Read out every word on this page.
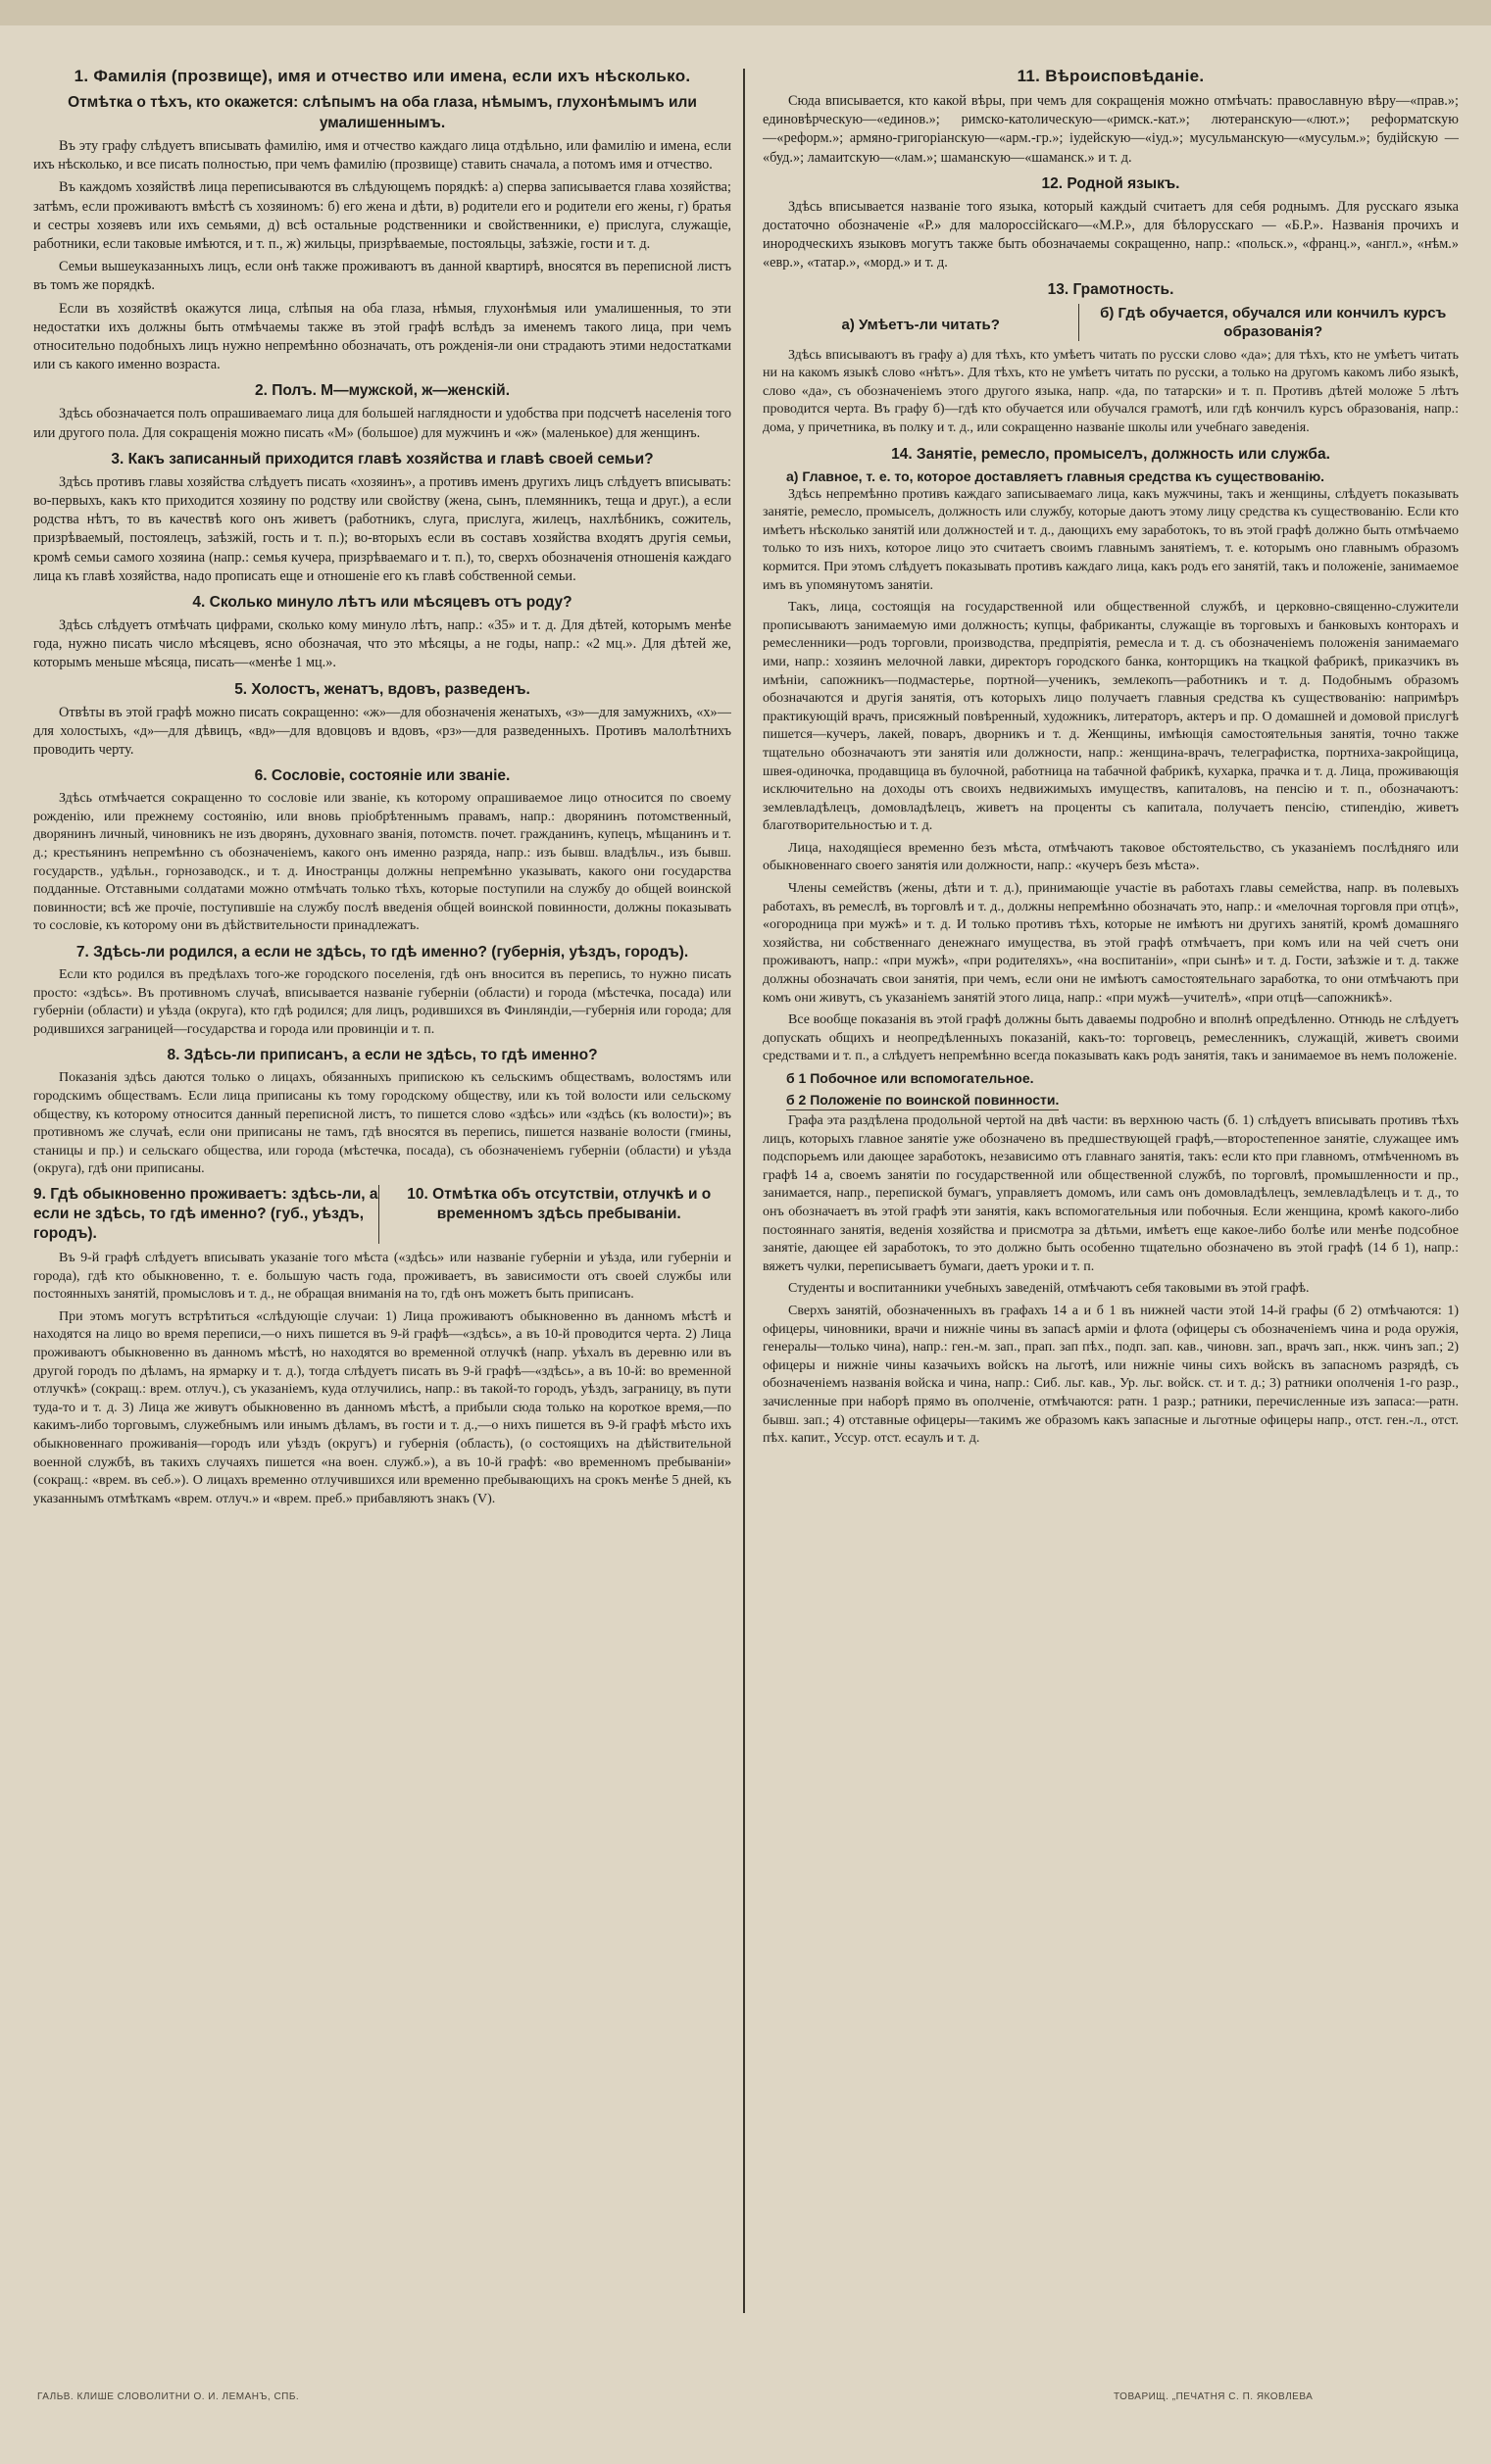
1. Фамилія (прозвище), имя и отчество или имена, если ихъ нѣсколько.
Отмѣтка о тѣхъ, кто окажется: слѣпымъ на оба глаза, нѣмымъ, глухонѣмымъ или умалишеннымъ.

Въ эту графу слѣдуетъ вписывать фамилію, имя и отчество каждаго лица отдѣльно, или фамилію и имена, если ихъ нѣсколько, и все писать полностью, при чемъ фамилію (прозвище) ставить сначала, а потомъ имя и отчество.

Въ каждомъ хозяйствѣ лица переписываются въ слѣдующемъ порядкѣ: а) сперва записывается глава хозяйства; затѣмъ, если проживаютъ вмѣстѣ съ хозяиномъ: б) его жена и дѣти, в) родители его и родители его жены, г) братья и сестры хозяевъ или ихъ семьями, д) всѣ остальные родственники и свойственники, е) прислуга, служащіе, работники, если таковые имѣются, и т. п., ж) жильцы, призрѣваемые, постояльцы, заѣзжіе, гости и т. д.

Семьи вышеуказанныхъ лицъ, если онѣ также проживаютъ въ данной квартирѣ, вносятся въ переписной листъ въ томъ же порядкѣ.

Если въ хозяйствѣ окажутся лица, слѣпыя на оба глаза, нѣмыя, глухонѣмыя или умалишенныя, то эти недостатки ихъ должны быть отмѣчаемы также въ этой графѣ вслѣдъ за именемъ такого лица, при чемъ относительно подобныхъ лицъ нужно непремѣнно обозначать, отъ рожденія-ли они страдаютъ этими недостатками или съ какого именно возраста.

2. Полъ. М—мужской, ж—женскій.

Здѣсь обозначается полъ опрашиваемаго лица для большей наглядности и удобства при подсчетѣ населенія того или другого пола. Для сокращенія можно писать «М» (большое) для мужчинъ и «ж» (маленькое) для женщинъ.

3. Какъ записанный приходится главѣ хозяйства и главѣ своей семьи?

Здѣсь противъ главы хозяйства слѣдуетъ писать «хозяинъ», а противъ именъ другихъ лицъ слѣдуетъ вписывать: во-первыхъ, какъ кто приходится хозяину по родству или свойству (жена, сынъ, племянникъ, теща и друг.), а если родства нѣтъ, то въ качествѣ кого онъ живетъ (работникъ, слуга, прислуга, жилецъ, нахлѣбникъ, сожитель, призрѣваемый, постоялецъ, заѣзжій, гость и т. п.); во-вторыхъ если въ составъ хозяйства входятъ другія семьи, кромѣ семьи самого хозяина (напр.: семья кучера, призрѣваемаго и т. п.), то, сверхъ обозначенія отношенія каждаго лица къ главѣ хозяйства, надо прописать еще и отношеніе его къ главѣ собственной семьи.

4. Сколько минуло лѣтъ или мѣсяцевъ отъ роду?

Здѣсь слѣдуетъ отмѣчать цифрами, сколько кому минуло лѣтъ, напр.: «35» и т. д. Для дѣтей, которымъ менѣе года, нужно писать число мѣсяцевъ, ясно обозначая, что это мѣсяцы, а не годы, напр.: «2 мц.». Для дѣтей же, которымъ меньше мѣсяца, писать—«менѣе 1 мц.».

5. Холостъ, женатъ, вдовъ, разведенъ.

Отвѣты въ этой графѣ можно писать сокращенно: «ж»—для обозначенія женатыхъ, «з»—для замужнихъ, «х»—для холостыхъ, «д»—для дѣвицъ, «вд»—для вдовцовъ и вдовъ, «рз»—для разведенныхъ. Противъ малолѣтнихъ проводить черту.

6. Сословіе, состояніе или званіе.

Здѣсь отмѣчается сокращенно то сословіе или званіе, къ которому опрашиваемое лицо относится по своему рожденію, или прежнему состоянію, или вновь пріобрѣтеннымъ правамъ, напр.: дворянинъ потомственный, дворянинъ личный, чиновникъ не изъ дворянъ, духовнаго званія, потомств. почет. гражданинъ, купецъ, мѣщанинъ и т. д.; крестьянинъ непремѣнно съ обозначеніемъ, какого онъ именно разряда, напр.: изъ бывш. владѣльч., изъ бывш. государств., удѣльн., горнозаводск., и т. д. Иностранцы должны непремѣнно указывать, какого они государства подданные. Отставными солдатами можно отмѣчать только тѣхъ, которые поступили на службу до общей воинской повинности; всѣ же прочіе, поступившіе на службу послѣ введенія общей воинской повинности, должны показывать то сословіе, къ которому они въ дѣйствительности принадлежатъ.

7. Здѣсь-ли родился, а если не здѣсь, то гдѣ именно? (губернія, уѣздъ, городъ).

Если кто родился въ предѣлахъ того-же городского поселенія, гдѣ онъ вносится въ перепись, то нужно писать просто: «здѣсь». Въ противномъ случаѣ, вписывается названіе губерніи (области) и города (мѣстечка, посада) или губерніи (области) и уѣзда (округа), кто гдѣ родился; для лицъ, родившихся въ Финляндіи,—губернія или города; для родившихся заграницей—государства и города или провинціи и т. п.

8. Здѣсь-ли приписанъ, а если не здѣсь, то гдѣ именно?

Показанія здѣсь даются только о лицахъ, обязанныхъ припискою къ сельскимъ обществамъ, волостямъ или городскимъ обществамъ. Если лица приписаны къ тому городскому обществу, или къ той волости или сельскому обществу, къ которому относится данный переписной листъ, то пишется слово «здѣсь» или «здѣсь (къ волости)»; въ противномъ же случаѣ, если они приписаны не тамъ, гдѣ вносятся въ перепись, пишется названіе волости (гмины, станицы и пр.) и сельскаго общества, или города (мѣстечка, посада), съ обозначеніемъ губерніи (области) и уѣзда (округа), гдѣ они приписаны.

9. Гдѣ обыкновенно проживаетъ: здѣсь-ли, а если не здѣсь, то гдѣ именно? (губ., уѣздъ, городъ).
10. Отмѣтка объ отсутствіи, отлучкѣ и о временномъ здѣсь пребываніи.

Въ 9-й графѣ слѣдуетъ вписывать указаніе того мѣста («здѣсь» или названіе губерніи и уѣзда, или губерніи и города), гдѣ кто обыкновенно, т. е. большую часть года, проживаетъ, въ зависимости отъ своей службы или постоянныхъ занятій, промысловъ и т. д., не обращая вниманія на то, гдѣ онъ можетъ быть приписанъ.

При этомъ могутъ встрѣтиться «слѣдующіе случаи: 1) Лица проживаютъ обыкновенно въ данномъ мѣстѣ и находятся на лицо во время переписи,—о нихъ пишется въ 9-й графѣ—«здѣсь», а въ 10-й проводится черта. 2) Лица проживаютъ обыкновенно въ данномъ мѣстѣ, но находятся во временной отлучкѣ (напр. уѣхалъ въ деревню или въ другой городъ по дѣламъ, на ярмарку и т. д.), тогда слѣдуетъ писать въ 9-й графѣ—«здѣсь», а въ 10-й: во временной отлучкѣ» (сокращ.: врем. отлуч.), съ указаніемъ, куда отлучились, напр.: въ такой-то городъ, уѣздъ, заграницу, въ пути туда-то и т. д. 3) Лица же живутъ обыкновенно въ данномъ мѣстѣ, а прибыли сюда только на короткое время,—по какимъ-либо торговымъ, служебнымъ или инымъ дѣламъ, въ гости и т. д.,—о нихъ пишется въ 9-й графѣ мѣсто ихъ обыкновеннаго проживанія—городъ или уѣздъ (округъ) и губернія (область), (о состоящихъ на дѣйствительной военной службѣ, въ такихъ случаяхъ пишется «на воен. служб.»), а въ 10-й графѣ: «во временномъ пребываніи» (сокращ.: «врем. въ себ.»). О лицахъ временно отлучившихся или временно пребывающихъ на срокъ менѣе 5 дней, къ указаннымъ отмѣткамъ «врем. отлуч.» и «врем. преб.» прибавляютъ знакъ (V).

11. Вѣроисповѣданіе.

Сюда вписывается, кто какой вѣры, при чемъ для сокращенія можно отмѣчать: православную вѣру—«прав.»; единовѣрческую—«единов.»; римско-католическую—«римск.-кат.»; лютеранскую—«лют.»; реформатскую—«реформ.»; армяно-григоріанскую—«арм.-гр.»; іудейскую—«іуд.»; мусульманскую—«мусульм.»; будійскую — «буд.»; ламаитскую—«лам.»; шаманскую—«шаманск.» и т. д.

12. Родной языкъ.

Здѣсь вписывается названіе того языка, который каждый считаетъ для себя роднымъ. Для русскаго языка достаточно обозначеніе «Р.» для малороссійскаго—«М.Р.», для бѣлорусскаго — «Б.Р.». Названія прочихъ и инородческихъ языковъ могутъ также быть обозначаемы сокращенно, напр.: «польск.», «франц.», «англ.», «нѣм.» «евр.», «татар.», «морд.» и т. д.

13. Грамотность.
а) Умѣетъ-ли читать?
б) Гдѣ обучается, обучался или кончилъ курсъ образованія?

Здѣсь вписываютъ въ графу а) для тѣхъ, кто умѣетъ читать по русски слово «да»; для тѣхъ, кто не умѣетъ читать ни на какомъ языкѣ слово «нѣтъ». Для тѣхъ, кто не умѣетъ читать по русски, а только на другомъ какомъ либо языкѣ, слово «да», съ обозначеніемъ этого другого языка, напр. «да, по татарски» и т. п. Противъ дѣтей моложе 5 лѣтъ проводится черта. Въ графу б)—гдѣ кто обучается или обучался грамотѣ, или гдѣ кончилъ курсъ образованія, напр.: дома, у причетника, въ полку и т. д., или сокращенно названіе школы или учебнаго заведенія.

14. Занятіе, ремесло, промыселъ, должность или служба.
а) Главное, т. е. то, которое доставляетъ главныя средства къ существованію.

Здѣсь непремѣнно противъ каждаго записываемаго лица, какъ мужчины, такъ и женщины, слѣдуетъ показывать занятіе, ремесло, промыселъ, должность или службу, которые даютъ этому лицу средства къ существованію. Если кто имѣетъ нѣсколько занятій или должностей и т. д., дающихъ ему заработокъ, то въ этой графѣ должно быть отмѣчаемо только то изъ нихъ, которое лицо это считаетъ своимъ главнымъ занятіемъ, т. е. которымъ оно главнымъ образомъ кормится. При этомъ слѣдуетъ показывать противъ каждаго лица, какъ родъ его занятій, такъ и положеніе, занимаемое имъ въ упомянутомъ занятіи.

Такъ, лица, состоящія на государственной или общественной службѣ, и церковно-священно-служители прописываютъ занимаемую ими должность; купцы, фабриканты, служащіе въ торговыхъ и банковыхъ конторахъ и ремесленники—родъ торговли, производства, предпріятія, ремесла и т. д. съ обозначеніемъ положенія занимаемаго ими, напр.: хозяинъ мелочной лавки, директоръ городского банка, конторщикъ на ткацкой фабрикѣ, приказчикъ въ имѣніи, сапожникъ—подмастерье, портной—ученикъ, землекопъ—работникъ и т. д. Подобнымъ образомъ обозначаются и другія занятія, отъ которыхъ лицо получаетъ главныя средства къ существованію: напримѣръ практикующій врачъ, присяжный повѣренный, художникъ, литераторъ, актеръ и пр. О домашней и домовой прислугѣ пишется—кучеръ, лакей, поваръ, дворникъ и т. д. Женщины, имѣющія самостоятельныя занятія, точно также тщательно обозначаютъ эти занятія или должности, напр.: женщина-врачъ, телеграфистка, портниха-закройщица, швея-одиночка, продавщица въ булочной, работница на табачной фабрикѣ, кухарка, прачка и т. д. Лица, проживающія исключительно на доходы отъ своихъ недвижимыхъ имуществъ, капиталовъ, на пенсію и т. п., обозначаютъ: землевладѣлецъ, домовладѣлецъ, живетъ на проценты съ капитала, получаетъ пенсію, стипендію, живетъ благотворительностью и т. д.

Лица, находящіеся временно безъ мѣста, отмѣчаютъ таковое обстоятельство, съ указаніемъ послѣдняго или обыкновеннаго своего занятія или должности, напр.: «кучеръ безъ мѣста».

Члены семействъ (жены, дѣти и т. д.), принимающіе участіе въ работахъ главы семейства, напр. въ полевыхъ работахъ, въ ремеслѣ, въ торговлѣ и т. д., должны непремѣнно обозначать это, напр.: и «мелочная торговля при отцѣ», «огородница при мужѣ» и т. д. И только противъ тѣхъ, которые не имѣютъ ни другихъ занятій, кромѣ домашняго хозяйства, ни собственнаго денежнаго имущества, въ этой графѣ отмѣчаетъ, при комъ или на чей счетъ они проживаютъ, напр.: «при мужѣ», «при родителяхъ», «на воспитаніи», «при сынѣ» и т. д. Гости, заѣзжіе и т. д. также должны обозначать свои занятія, при чемъ, если они не имѣютъ самостоятельнаго заработка, то они отмѣчаютъ при комъ они живутъ, съ указаніемъ занятій этого лица, напр.: «при мужѣ—учителѣ», «при отцѣ—сапожникѣ».

Все вообще показанія въ этой графѣ должны быть даваемы подробно и вполнѣ опредѣленно. Отнюдь не слѣдуетъ допускать общихъ и неопредѣленныхъ показаній, какъ-то: торговецъ, ремесленникъ, служащій, живетъ своими средствами и т. п., а слѣдуетъ непремѣнно всегда показывать какъ родъ занятія, такъ и занимаемое въ немъ положеніе.

б 1 Побочное или вспомогательное.
б 2 Положеніе по воинской повинности.

Графа эта раздѣлена продольной чертой на двѣ части: въ верхнюю часть (б. 1) слѣдуетъ вписывать противъ тѣхъ лицъ, которыхъ главное занятіе уже обозначено въ предшествующей графѣ,—второстепенное занятіе, служащее имъ подспорьемъ или дающее заработокъ, независимо отъ главнаго занятія, такъ: если кто при главномъ, отмѣченномъ въ графѣ 14 а, своемъ занятіи по государственной или общественной службѣ, по торговлѣ, промышленности и пр., занимается, напр., перепиской бумагъ, управляетъ домомъ, или самъ онъ домовладѣлецъ, землевладѣлецъ и т. д., то онъ обозначаетъ въ этой графѣ эти занятія, какъ вспомогательныя или побочныя. Если женщина, кромѣ какого-либо постояннаго занятія, веденія хозяйства и присмотра за дѣтьми, имѣетъ еще какое-либо болѣе или менѣе подсобное занятіе, дающее ей заработокъ, то это должно быть особенно тщательно обозначено въ этой графѣ (14 б 1), напр.: вяжетъ чулки, переписываетъ бумаги, даетъ уроки и т. п.

Студенты и воспитанники учебныхъ заведеній, отмѣчаютъ себя таковыми въ этой графѣ.

Сверхъ занятій, обозначенныхъ въ графахъ 14 а и б 1 въ нижней части этой 14-й графы (б 2) отмѣчаются: 1) офицеры, чиновники, врачи и нижніе чины въ запасѣ арміи и флота (офицеры съ обозначеніемъ чина и рода оружія, генералы—только чина), напр.: ген.-м. зап., прап. зап пѣх., подп. зап. кав., чиновн. зап., врачъ зап., нкж. чинъ зап.; 2) офицеры и нижніе чины казачьихъ войскъ на льготѣ, или нижніе чины сихъ войскъ въ запасномъ разрядѣ, съ обозначеніемъ названія войска и чина, напр.: Сиб. льг. кав., Ур. льг. войск. ст. и т. д.; 3) ратники ополченія 1-го разр., зачисленные при наборѣ прямо въ ополченіе, отмѣчаются: ратн. 1 разр.; ратники, перечисленные изъ запаса:—ратн. бывш. зап.; 4) отставные офицеры—такимъ же образомъ какъ запасные и льготные офицеры напр., отст. ген.-л., отст. пѣх. капит., Уссур. отст. есаулъ и т. д.

ГАЛЬВ. КЛИШЕ СЛОВОЛИТНИ О. И. ЛЕМАНЪ, СПБ.	ТОВАРИЩ. „ПЕЧАТНЯ С. П. ЯКОВЛЕВА
